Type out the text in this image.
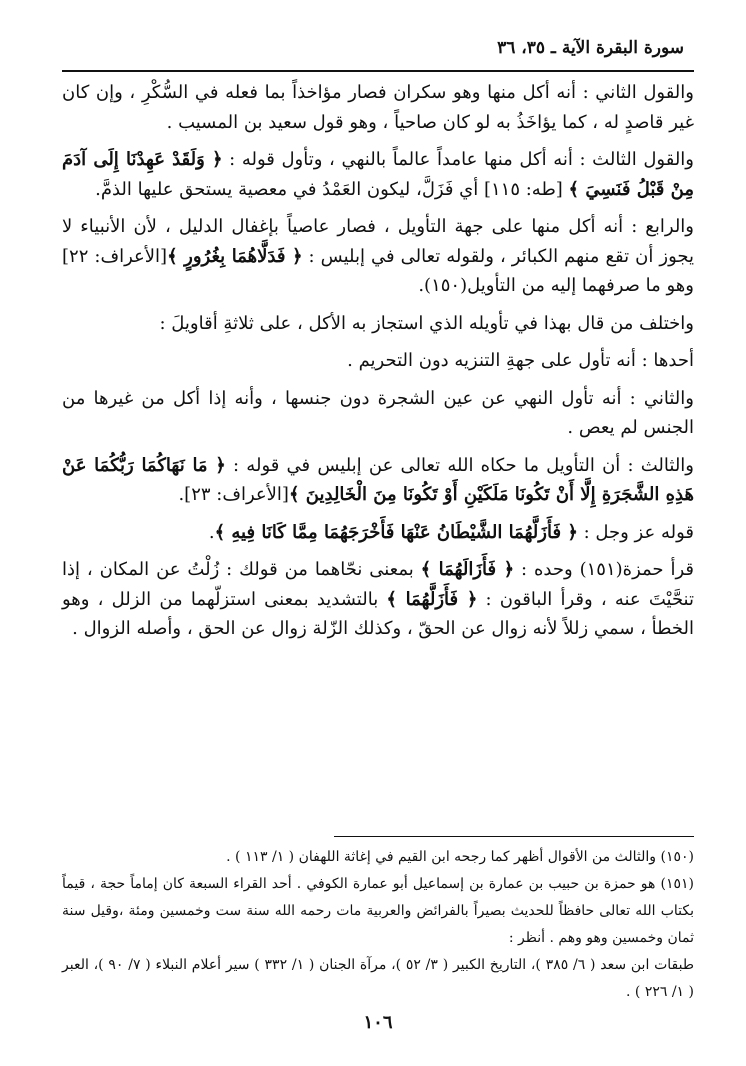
سورة البقرة الآية ـ ٣٥، ٣٦

والقول الثاني : أنه أكل منها وهو سكران فصار مؤاخذاً بما فعله في السُّكْرِ ، وإن كان غير قاصدٍ له ، كما يؤاخَذُ به لو كان صاحياً ، وهو قول سعيد بن المسيب .

والقول الثالث : أنه أكل منها عامداً عالماً بالنهي ، وتأول قوله : ﴿ وَلَقَدْ عَهِدْنَا إِلَى آدَمَ مِنْ قَبْلُ فَنَسِيَ ﴾ [طه: ١١٥] أي فَزَلَّ، ليكون العَمْدُ في معصية يستحق عليها الذمَّ.

والرابع : أنه أكل منها على جهة التأويل ، فصار عاصياً بإغفال الدليل ، لأن الأنبياء لا يجوز أن تقع منهم الكبائر ، ولقوله تعالى في إبليس : ﴿ فَدَلَّاهُمَا بِغُرُورٍ ﴾[الأعراف: ٢٢] وهو ما صرفهما إليه من التأويل(١٥٠).

واختلف من قال بهذا في تأويله الذي استجاز به الأكل ، على ثلاثةِ أقاويلَ :

أحدها : أنه تأول على جهةِ التنزيه دون التحريم .

والثاني : أنه تأول النهي عن عين الشجرة دون جنسها ، وأنه إذا أكل من غيرها من الجنس لم يعص .

والثالث : أن التأويل ما حكاه الله تعالى عن إبليس في قوله : ﴿ مَا نَهَاكُمَا رَبُّكُمَا عَنْ هَذِهِ الشَّجَرَةِ إِلَّا أَنْ تَكُونَا مَلَكَيْنِ أَوْ تَكُونَا مِنَ الْخَالِدِينَ ﴾[الأعراف: ٢٣].

قوله عز وجل : ﴿ فَأَزَلَّهُمَا الشَّيْطَانُ عَنْهَا فَأَخْرَجَهُمَا مِمَّا كَانَا فِيهِ ﴾.

قرأ حمزة(١٥١) وحده : ﴿ فَأَزَالَهُمَا ﴾ بمعنى نحّاهما من قولك : زُلْتُ عن المكان ، إذا تنحَّيْتَ عنه ، وقرأ الباقون : ﴿ فَأَزَلَّهُمَا ﴾ بالتشديد بمعنى استزلّهما من الزلل ، وهو الخطأ ، سمي زللاً لأنه زوال عن الحقّ ، وكذلك الزّلة زوال عن الحق ، وأصله الزوال .

(١٥٠) والثالث من الأقوال أظهر كما رجحه ابن القيم في إغاثة اللهفان ( ١/ ١١٣ ) .

(١٥١) هو حمزة بن حبيب بن عمارة بن إسماعيل أبو عمارة الكوفي . أحد القراء السبعة كان إماماً حجة ، قيماً بكتاب الله تعالى حافظاً للحديث بصيراً بالفرائض والعربية مات رحمه الله سنة ست وخمسين ومئة ،وقيل سنة ثمان وخمسين وهو وهم . أنظر :

طبقات ابن سعد ( ٦/ ٣٨٥ )، التاريخ الكبير ( ٣/ ٥٢ )، مرآة الجنان ( ١/ ٣٣٢ ) سير أعلام النبلاء ( ٧/ ٩٠ )، العبر ( ١/ ٢٢٦ ) .

١٠٦
